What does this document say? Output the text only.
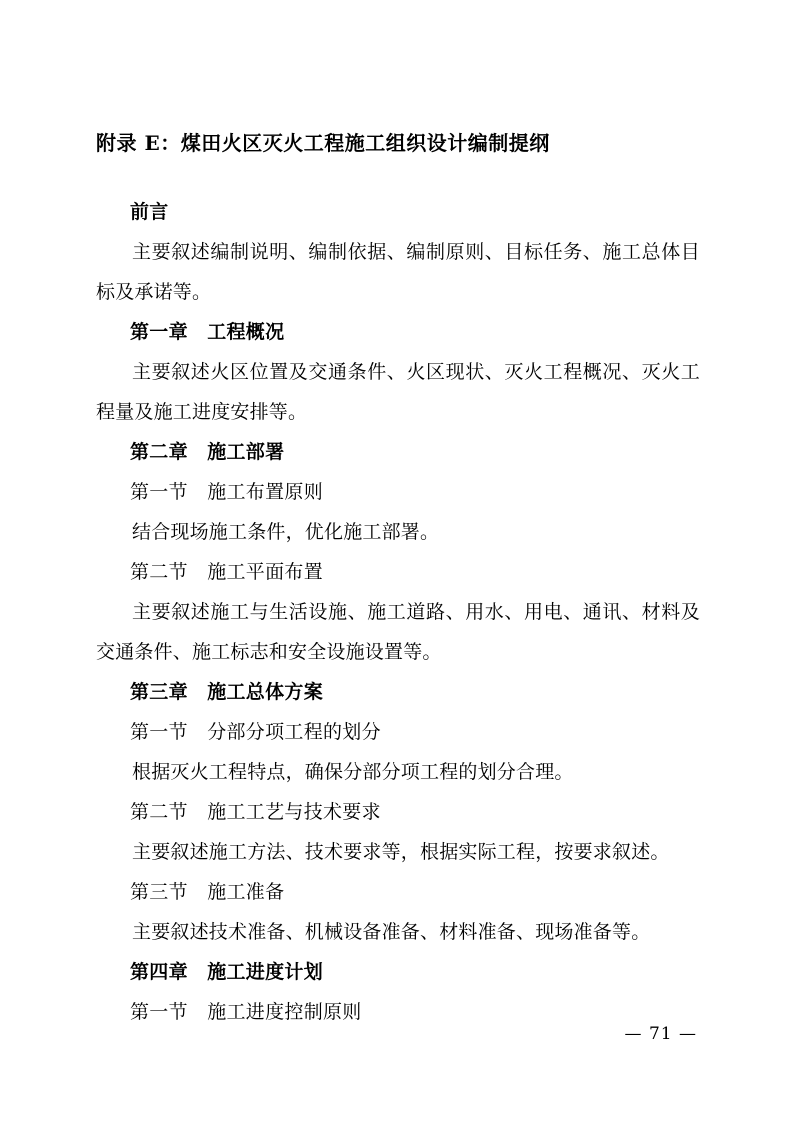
附录 E：煤田火区灭火工程施工组织设计编制提纲
前言
主要叙述编制说明、编制依据、编制原则、目标任务、施工总体目标及承诺等。
第一章　工程概况
主要叙述火区位置及交通条件、火区现状、灭火工程概况、灭火工程量及施工进度安排等。
第二章　施工部署
第一节　施工布置原则
结合现场施工条件，优化施工部署。
第二节　施工平面布置
主要叙述施工与生活设施、施工道路、用水、用电、通讯、材料及交通条件、施工标志和安全设施设置等。
第三章　施工总体方案
第一节　分部分项工程的划分
根据灭火工程特点，确保分部分项工程的划分合理。
第二节　施工工艺与技术要求
主要叙述施工方法、技术要求等，根据实际工程，按要求叙述。
第三节　施工准备
主要叙述技术准备、机械设备准备、材料准备、现场准备等。
第四章　施工进度计划
第一节　施工进度控制原则
— 71 —
